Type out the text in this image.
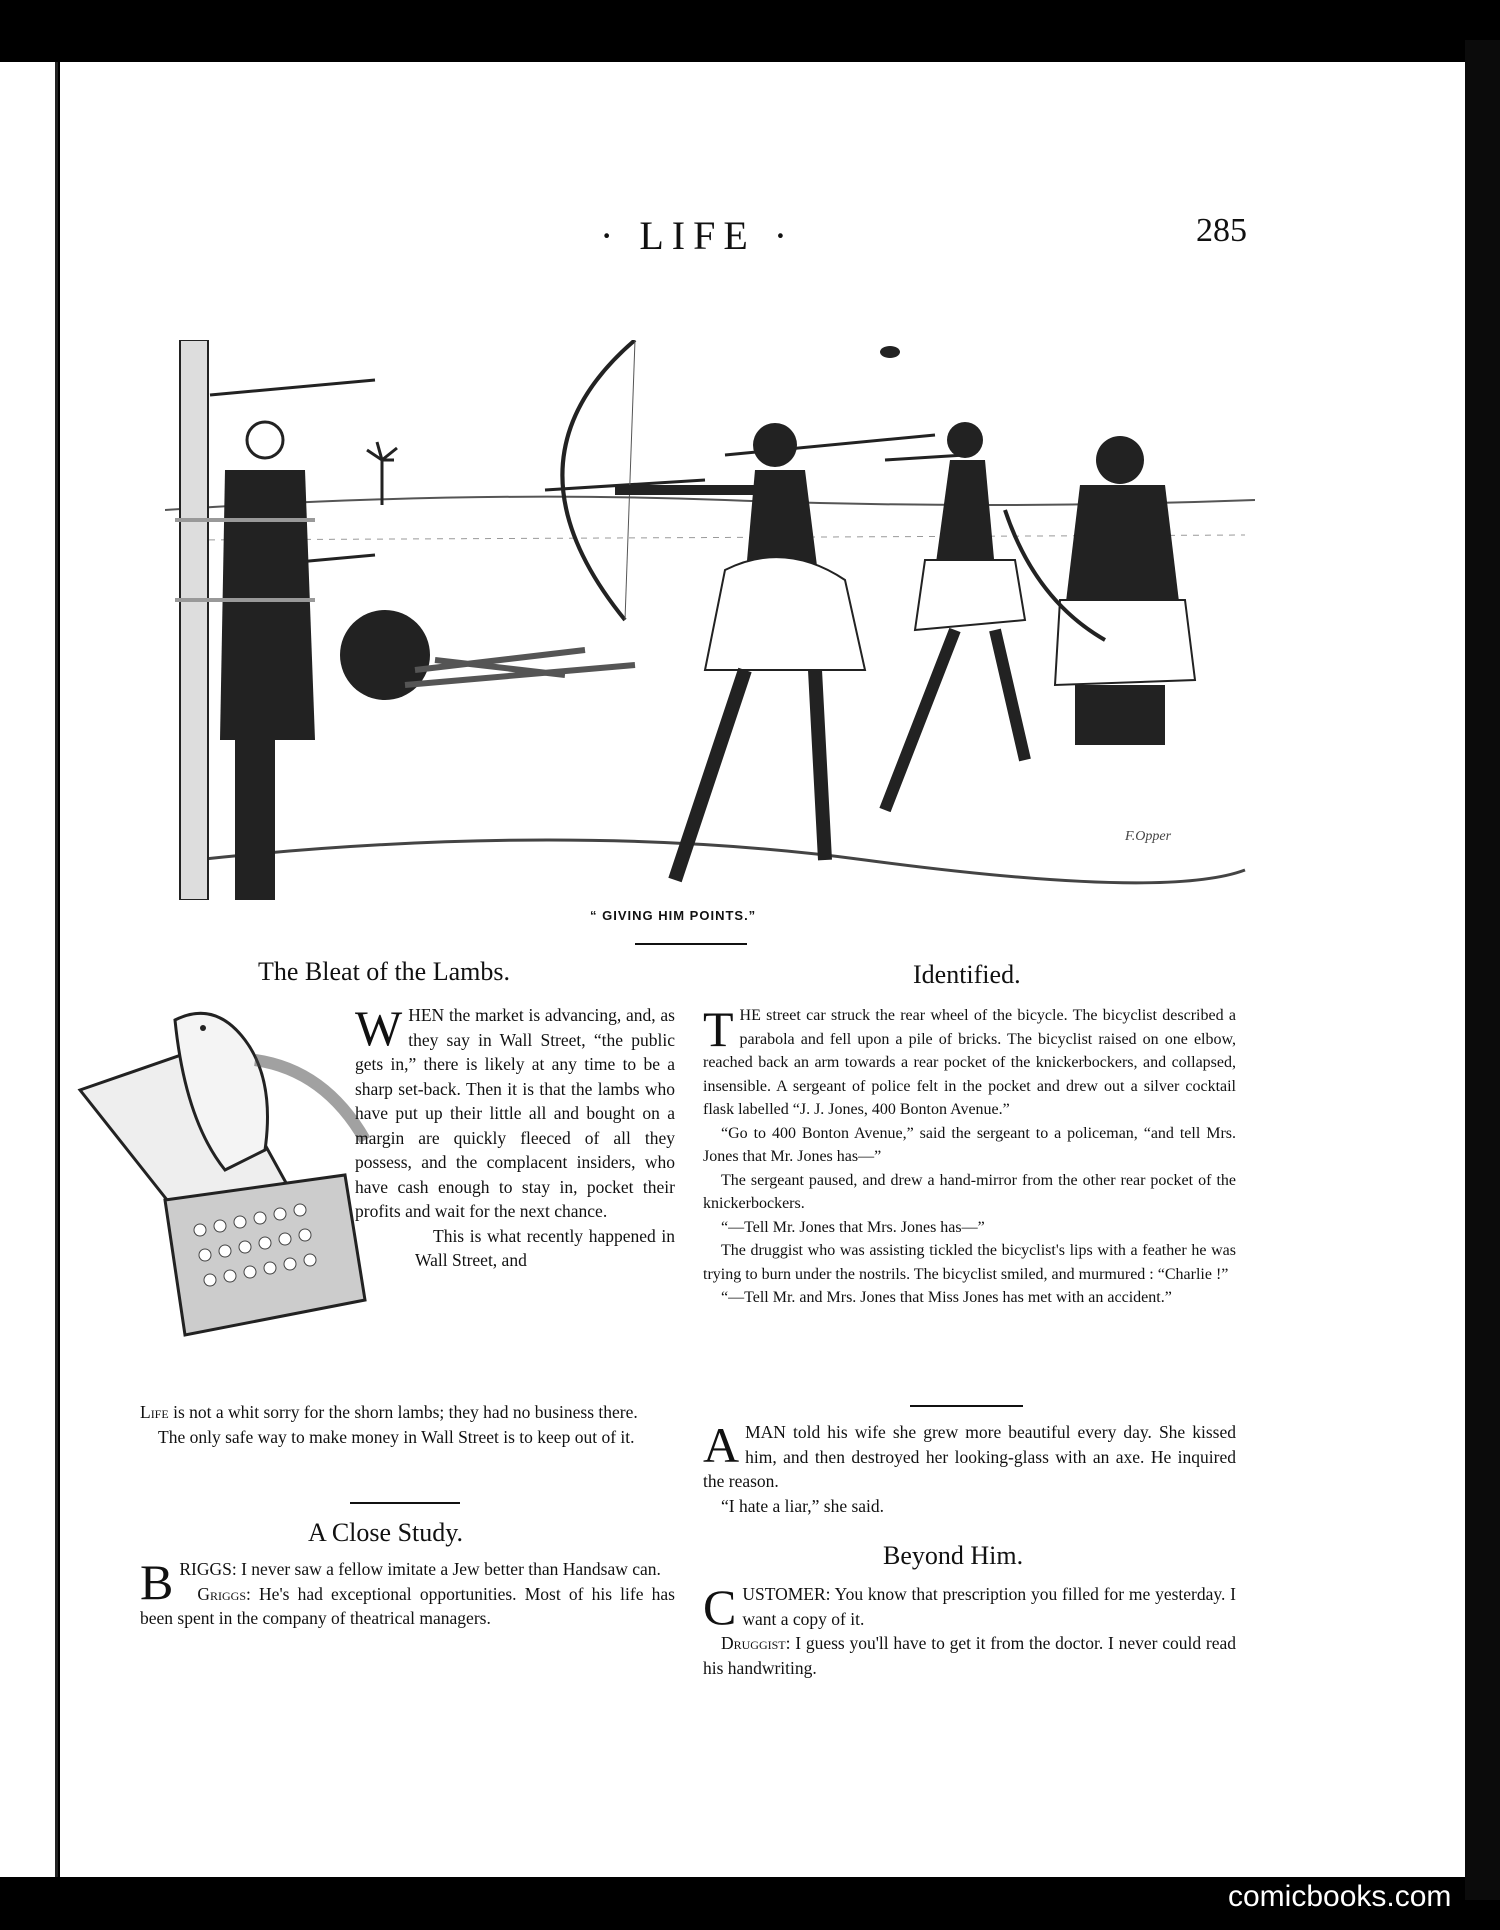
· LIFE ·	285
F.Opper
“ GIVING HIM POINTS.”
The Bleat of the Lambs.

WHEN the market is advancing, and, as they say in Wall Street, “the public gets in,” there is likely at any time to be a sharp set-back. Then it is that the lambs who have put up their little all and bought on a margin are quickly fleeced of all they possess, and the complacent insiders, who have cash enough to stay in, pocket their profits and wait for the next chance.

This is what recently happened in Wall Street, and

Life is not a whit sorry for the shorn lambs; they had no business there.

The only safe way to make money in Wall Street is to keep out of it.

A Close Study.

BRIGGS: I never saw a fellow imitate a Jew better than Handsaw can.

Griggs: He's had exceptional opportunities. Most of his life has been spent in the company of theatrical managers.

Identified.

THE street car struck the rear wheel of the bicycle. The bicyclist described a parabola and fell upon a pile of bricks. The bicyclist raised on one elbow, reached back an arm towards a rear pocket of the knickerbockers, and collapsed, insensible. A sergeant of police felt in the pocket and drew out a silver cocktail flask labelled “J. J. Jones, 400 Bonton Avenue.”

“Go to 400 Bonton Avenue,” said the sergeant to a policeman, “and tell Mrs. Jones that Mr. Jones has—”

The sergeant paused, and drew a hand-mirror from the other rear pocket of the knickerbockers.

“—Tell Mr. Jones that Mrs. Jones has—”

The druggist who was assisting tickled the bicyclist's lips with a feather he was trying to burn under the nostrils. The bicyclist smiled, and murmured : “Charlie !”

“—Tell Mr. and Mrs. Jones that Miss Jones has met with an accident.”

AMAN told his wife she grew more beautiful every day. She kissed him, and then destroyed her looking-glass with an axe. He inquired the reason.

“I hate a liar,” she said.

Beyond Him.

CUSTOMER: You know that prescription you filled for me yesterday. I want a copy of it.

Druggist: I guess you'll have to get it from the doctor. I never could read his handwriting.

comicbooks.com
